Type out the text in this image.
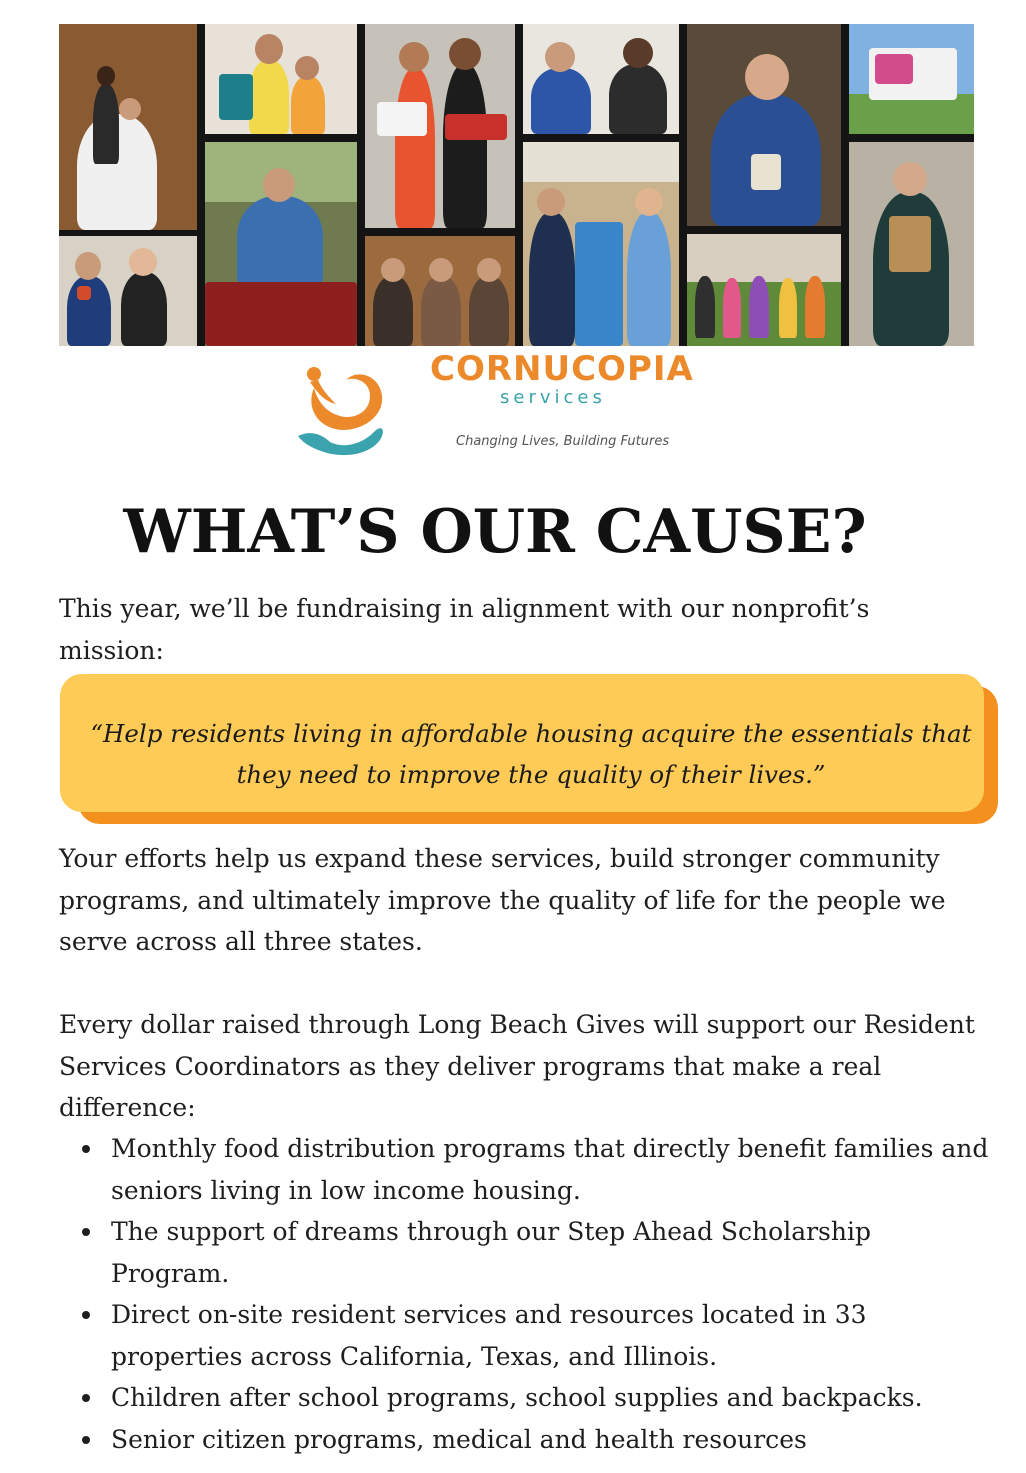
CORNUCOPIA
services
Changing Lives, Building Futures
WHAT’S OUR CAUSE?

This year, we’ll be fundraising in alignment with our nonprofit’s mission:

“Help residents living in affordable housing acquire the essentials that they need to improve the quality of their lives.”

Your efforts help us expand these services, build stronger community programs, and ultimately improve the quality of life for the people we serve across all three states.

Every dollar raised through Long Beach Gives will support our Resident Services Coordinators as they deliver programs that make a real difference:

Monthly food distribution programs that directly benefit families and seniors living in low income housing.
The support of dreams through our Step Ahead Scholarship Program.
Direct on-site resident services and resources located in 33 properties across California, Texas, and Illinois.
Children after school programs, school supplies and backpacks.
Senior citizen programs, medical and health resources
